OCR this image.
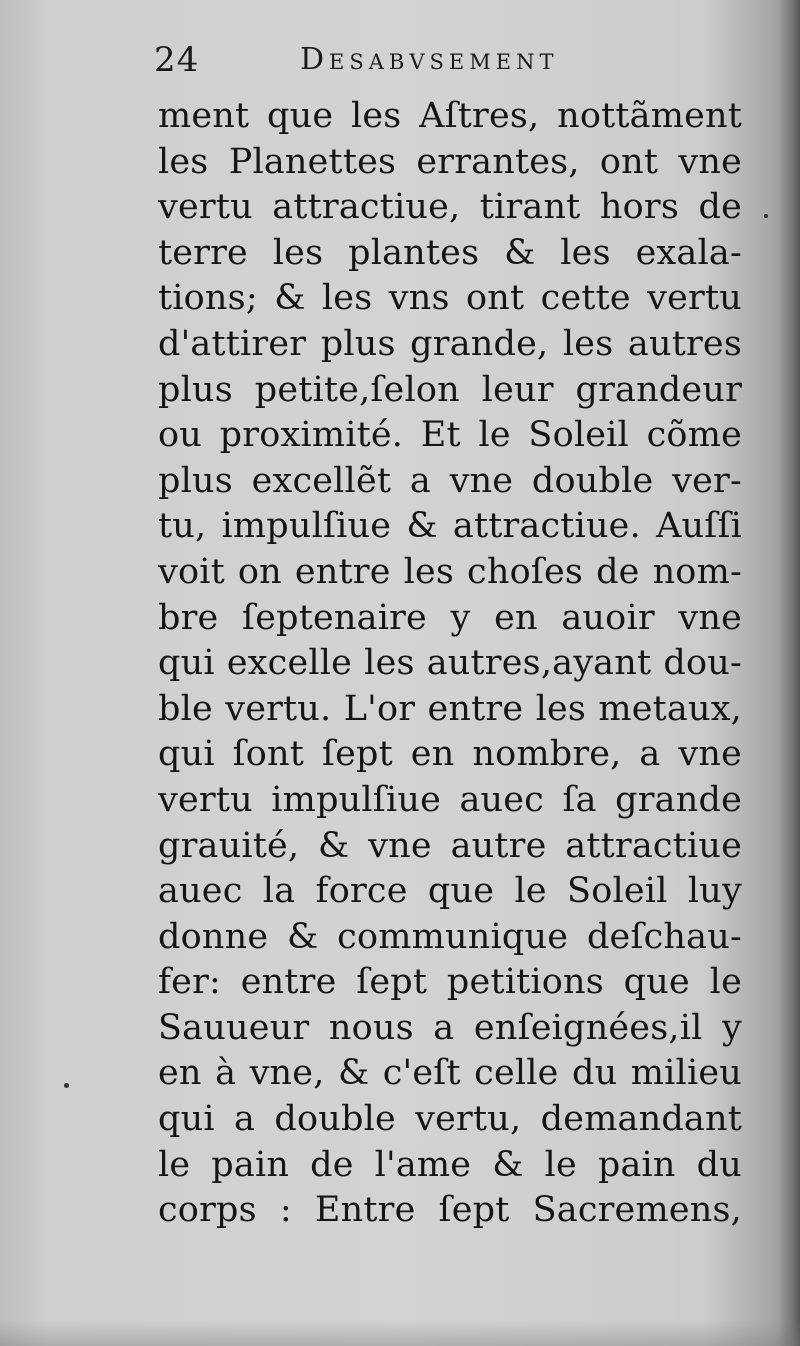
24	Desabvsement
ment que les Aſtres, nottãment
les Planettes errantes, ont vne
vertu attractiue, tirant hors de
terre les plantes & les exala-
tions; & les vns ont cette vertu
d'attirer plus grande, les autres
plus petite,ſelon leur grandeur
ou proximité. Et le Soleil cõme
plus excellẽt a vne double ver-
tu, impulſiue & attractiue. Auſſi
voit on entre les choſes de nom-
bre ſeptenaire y en auoir vne
qui excelle les autres,ayant dou-
ble vertu. L'or entre les metaux,
qui ſont ſept en nombre, a vne
vertu impulſiue auec ſa grande
grauité, & vne autre attractiue
auec la force que le Soleil luy
donne & communique deſchau-
fer: entre ſept petitions que le
Sauueur nous a enſeignées,il y
en à vne, & c'eſt celle du milieu
qui a double vertu, demandant
le pain de l'ame & le pain du
corps : Entre ſept Sacremens,
